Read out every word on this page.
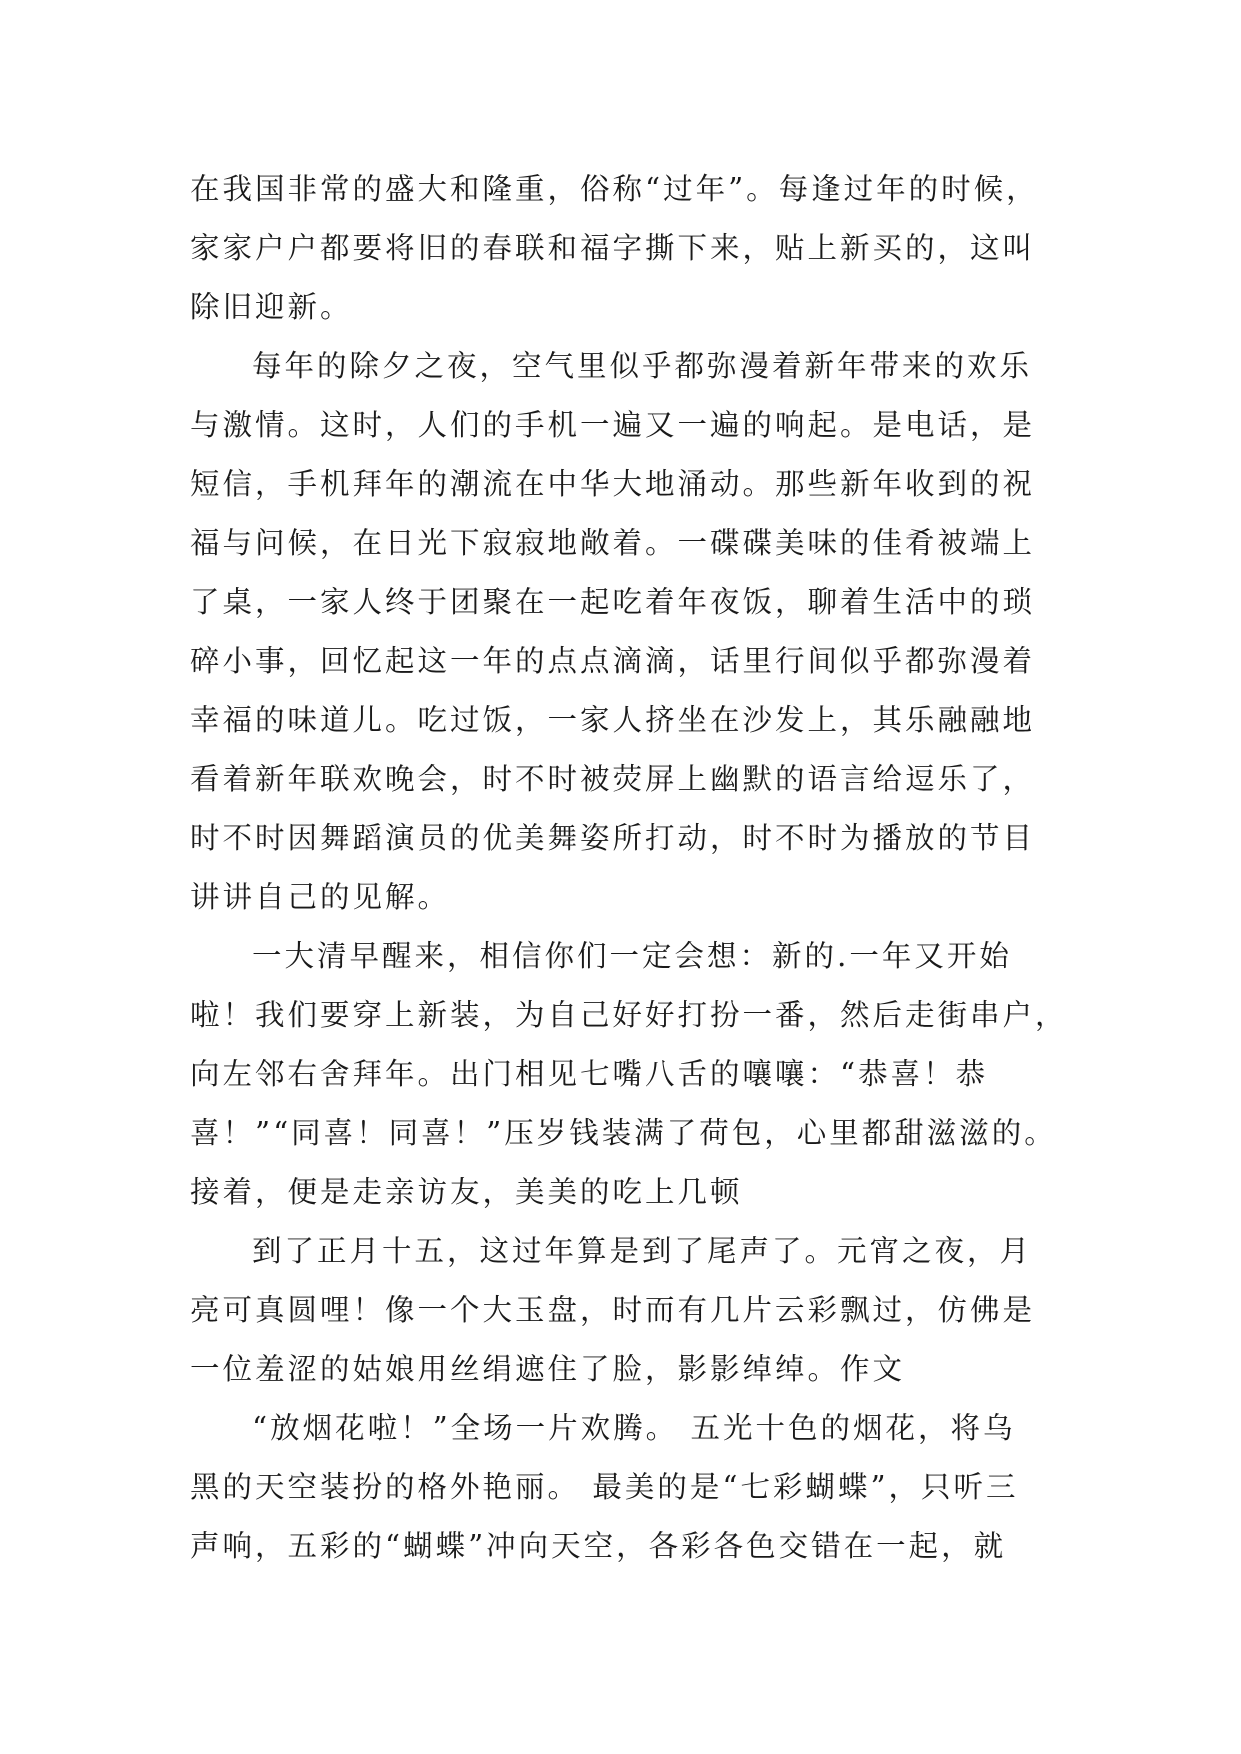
在我国非常的盛大和隆重，俗称“过年”。每逢过年的时候，
家家户户都要将旧的春联和福字撕下来，贴上新买的，这叫
除旧迎新。
每年的除夕之夜，空气里似乎都弥漫着新年带来的欢乐
与激情。这时，人们的手机一遍又一遍的响起。是电话，是
短信，手机拜年的潮流在中华大地涌动。那些新年收到的祝
福与问候，在日光下寂寂地敞着。一碟碟美味的佳肴被端上
了桌，一家人终于团聚在一起吃着年夜饭，聊着生活中的琐
碎小事，回忆起这一年的点点滴滴，话里行间似乎都弥漫着
幸福的味道儿。吃过饭，一家人挤坐在沙发上，其乐融融地
看着新年联欢晚会，时不时被荧屏上幽默的语言给逗乐了，
时不时因舞蹈演员的优美舞姿所打动，时不时为播放的节目
讲讲自己的见解。
一大清早醒来，相信你们一定会想：新的.一年又开始
啦！我们要穿上新装，为自己好好打扮一番，然后走街串户，
向左邻右舍拜年。出门相见七嘴八舌的嚷嚷：“恭喜！恭
喜！”“同喜！同喜！”压岁钱装满了荷包，心里都甜滋滋的。
接着，便是走亲访友，美美的吃上几顿
到了正月十五，这过年算是到了尾声了。元宵之夜，月
亮可真圆哩！像一个大玉盘，时而有几片云彩飘过，仿佛是
一位羞涩的姑娘用丝绢遮住了脸，影影绰绰。作文
“放烟花啦！”全场一片欢腾。 五光十色的烟花，将乌
黑的天空装扮的格外艳丽。 最美的是“七彩蝴蝶”，只听三
声响，五彩的“蝴蝶”冲向天空，各彩各色交错在一起，就
